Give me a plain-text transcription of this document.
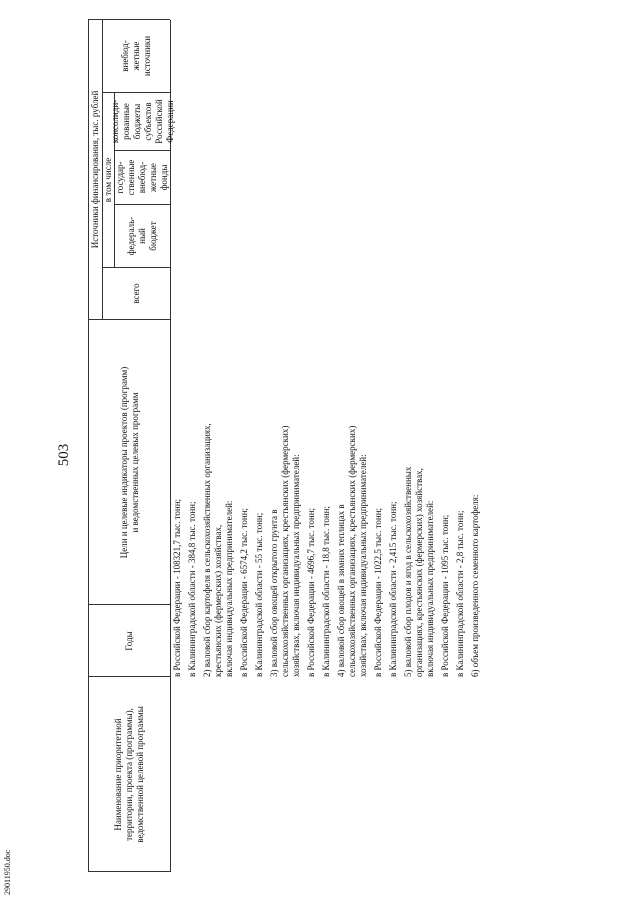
29011950.doc
503
Наименование приоритетной
территории, проекта (программы),
ведомственной целевой программы
Годы
Цели и целевые индикаторы проектов (программ)
и ведомственных целевых программ
Источники финансирования, тыс. рублей
всего
в том числе
федераль-
ный
бюджет
государ-
ственные
внебюд-
жетные
фонды
консолиди-
рованные
бюджеты
субъектов
Российской
Федерации
внебюд-
жетные
источники
в Российской Федерации - 108321,7 тыс. тонн; в Калининградской области - 384,8 тыс. тонн; 2) валовой сбор картофеля в сельскохозяйственных организациях,
крестьянских (фермерских) хозяйствах,
включая индивидуальных предпринимателей: в Российской Федерации - 6574,2 тыс. тонн; в Калининградской области - 55 тыс. тонн; 3) валовой сбор овощей открытого грунта в
сельскохозяйственных организациях, крестьянских (фермерских)
хозяйствах, включая индивидуальных предпринимателей:
в Российской Федерации - 4696,7 тыс. тонн; в Калининградской области - 18,8 тыс. тонн; 4) валовой сбор овощей в зимних теплицах в
сельскохозяйственных организациях, крестьянских (фермерских)
хозяйствах, включая индивидуальных предпринимателей:
в Российской Федерации - 1022,5 тыс. тонн; в Калининградской области - 2,415 тыс. тонн; 5) валовой сбор плодов и ягод в сельскохозяйственных
организациях, крестьянских (фермерских) хозяйствах,
включая индивидуальных предпринимателей: в Российской Федерации - 1095 тыс. тонн; в Калининградской области - 2,8 тыс. тонн; 6) объем произведенного семенного картофеля:
